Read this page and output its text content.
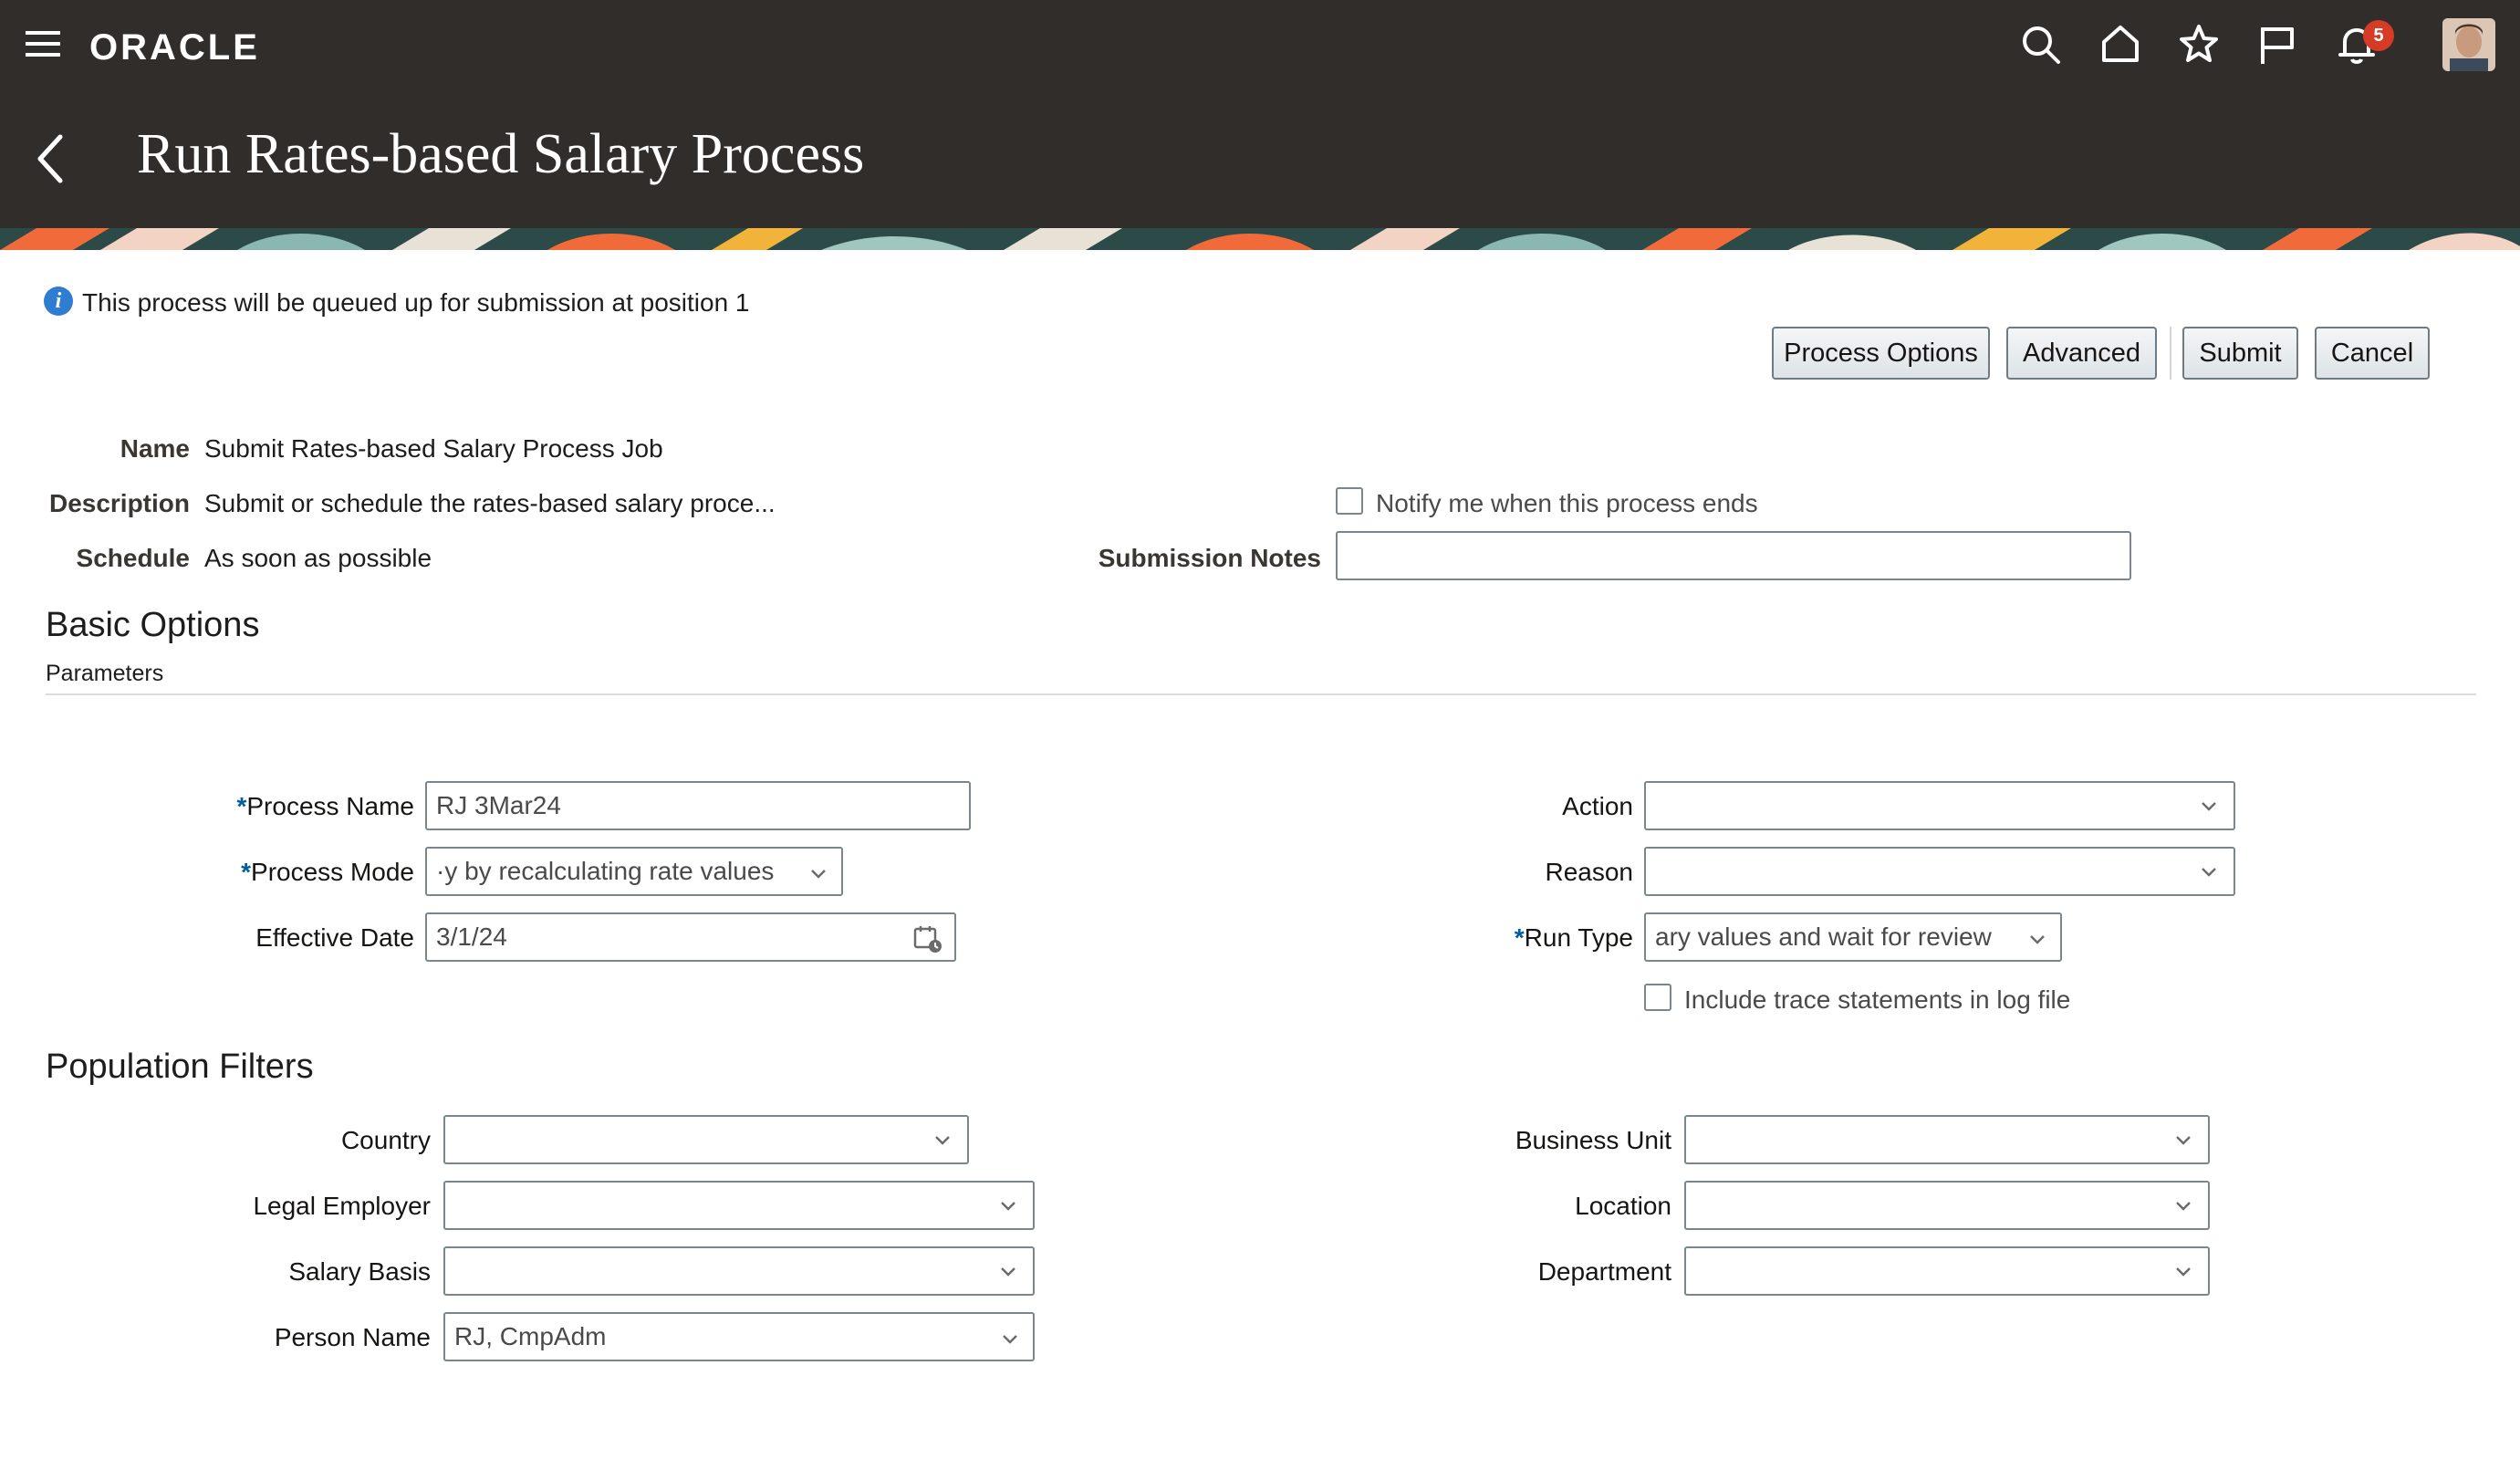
ORACLE	5
Run Rates-based Salary Process
i This process will be queued up for submission at position 1
Process Options	Advanced	Submit	Cancel
Name Submit Rates-based Salary Process Job
Description Submit or schedule the rates-based salary proce...
Schedule As soon as possible
Notify me when this process ends
Submission Notes
Basic Options
Parameters
*Process Name RJ 3Mar24
*Process Mode ·y by recalculating rate values
Effective Date 3/1/24
Action
Reason
*Run Type ary values and wait for review
Include trace statements in log file
Population Filters
Country
Legal Employer
Salary Basis
Person Name RJ, CmpAdm
Business Unit
Location
Department
